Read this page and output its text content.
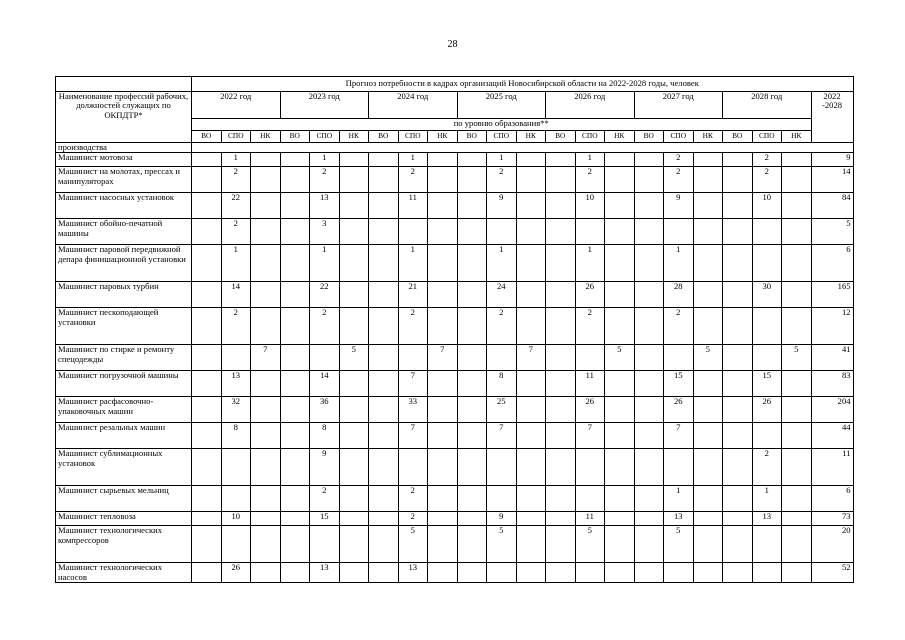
28
	Прогноз потребности в кадрах организаций Новосибирской области на 2022-2028 годы, человек																					
Наименование профессий рабочих, должностей служащих по ОКПДТР*	2022 год			2023 год			2024 год			2025 год			2026 год			2027 год			2028 год			2022 -2028
	по уровню образования**																					
	ВО	СПО	НК	ВО	СПО	НК	ВО	СПО	НК	ВО	СПО	НК	ВО	СПО	НК	ВО	СПО	НК	ВО	СПО	НК	
производства																						
Машинист мотовоза		1			1			1			1			1			2			2		9
Машинист на молотах, прессах и манипуляторах		2			2			2			2			2			2			2		14
Машинист насосных установок		22			13			11			9			10			9			10		84
Машинист обойно-печатной машины		2			3																	5
Машинист паровой передвижной депара финишационной установки		1			1			1			1			1			1					6
Машинист паровых турбин		14			22			21			24			26			28			30		165
Машинист пескоподающей установки		2			2			2			2			2			2					12
Машинист по стирке и ремонту спецодежды			7			5			7			7			5			5			5	41
Машинист погрузочной машины		13			14			7			8			11			15			15		83
Машинист расфасовочно-упаковочных машин		32			36			33			25			26			26			26		204
Машинист резальных машин		8			8			7			7			7			7					44
Машинист сублимационных установок					9															2		11
Машинист сырьевых мельниц					2			2									1			1		6
Машинист тепловоза		10			15			2			9			11			13			13		73
Машинист технологических компрессоров								5			5			5			5					20
Машинист технологических насосов		26			13			13														52
